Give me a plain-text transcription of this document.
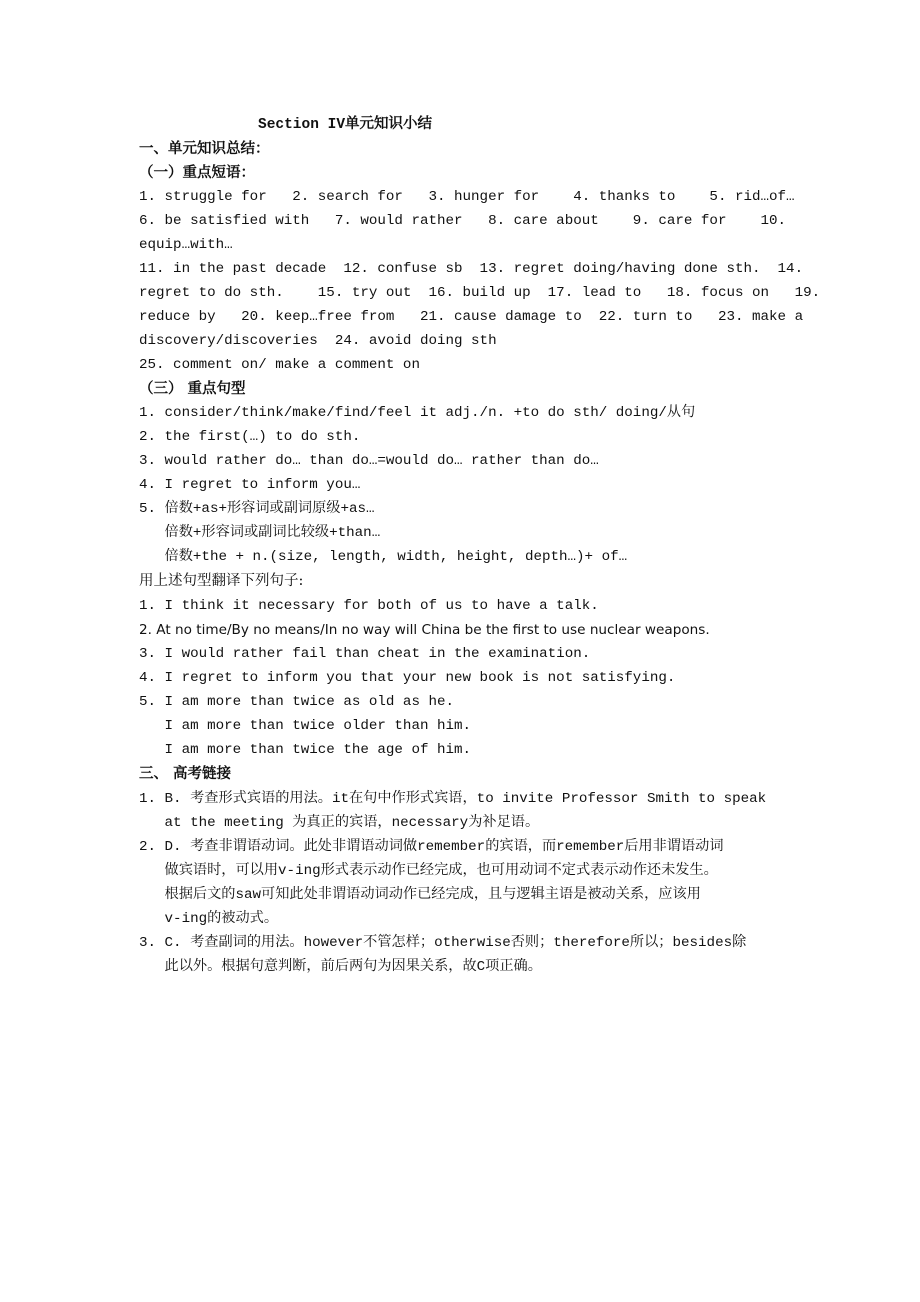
Section IV单元知识小结
一、单元知识总结：
（一）重点短语：
1. struggle for   2. search for   3. hunger for    4. thanks to    5. rid…of…
6. be satisfied with   7. would rather   8. care about    9. care for    10.
equip…with…
11. in the past decade  12. confuse sb  13. regret doing/having done sth.  14.
regret to do sth.    15. try out  16. build up  17. lead to   18. focus on   19.
reduce by   20. keep…free from   21. cause damage to  22. turn to   23. make a
discovery/discoveries  24. avoid doing sth
25. comment on/ make a comment on
（三） 重点句型
1. consider/think/make/find/feel it adj./n. +to do sth/ doing/从句
2. the first(…) to do sth.
3. would rather do… than do…=would do… rather than do…
4. I regret to inform you…
5. 倍数+as+形容词或副词原级+as…
倍数+形容词或副词比较级+than…
倍数+the + n.(size, length, width, height, depth…)+ of…
用上述句型翻译下列句子:
1. I think it necessary for both of us to have a talk.
2. At no time/By no means/In no way will China be the first to use nuclear weapons.
3. I would rather fail than cheat in the examination.
4. I regret to inform you that your new book is not satisfying.
5. I am more than twice as old as he.
I am more than twice older than him.
I am more than twice the age of him.
三、 高考链接
1. B. 考查形式宾语的用法。it在句中作形式宾语，to invite Professor Smith to speak
at the meeting 为真正的宾语，necessary为补足语。
2. D. 考查非谓语动词。此处非谓语动词做remember的宾语，而remember后用非谓语动词
做宾语时，可以用v-ing形式表示动作已经完成，也可用动词不定式表示动作还未发生。
根据后文的saw可知此处非谓语动词动作已经完成，且与逻辑主语是被动关系，应该用
v-ing的被动式。
3. C. 考查副词的用法。however不管怎样；otherwise否则；therefore所以；besides除
此以外。根据句意判断，前后两句为因果关系，故C项正确。
